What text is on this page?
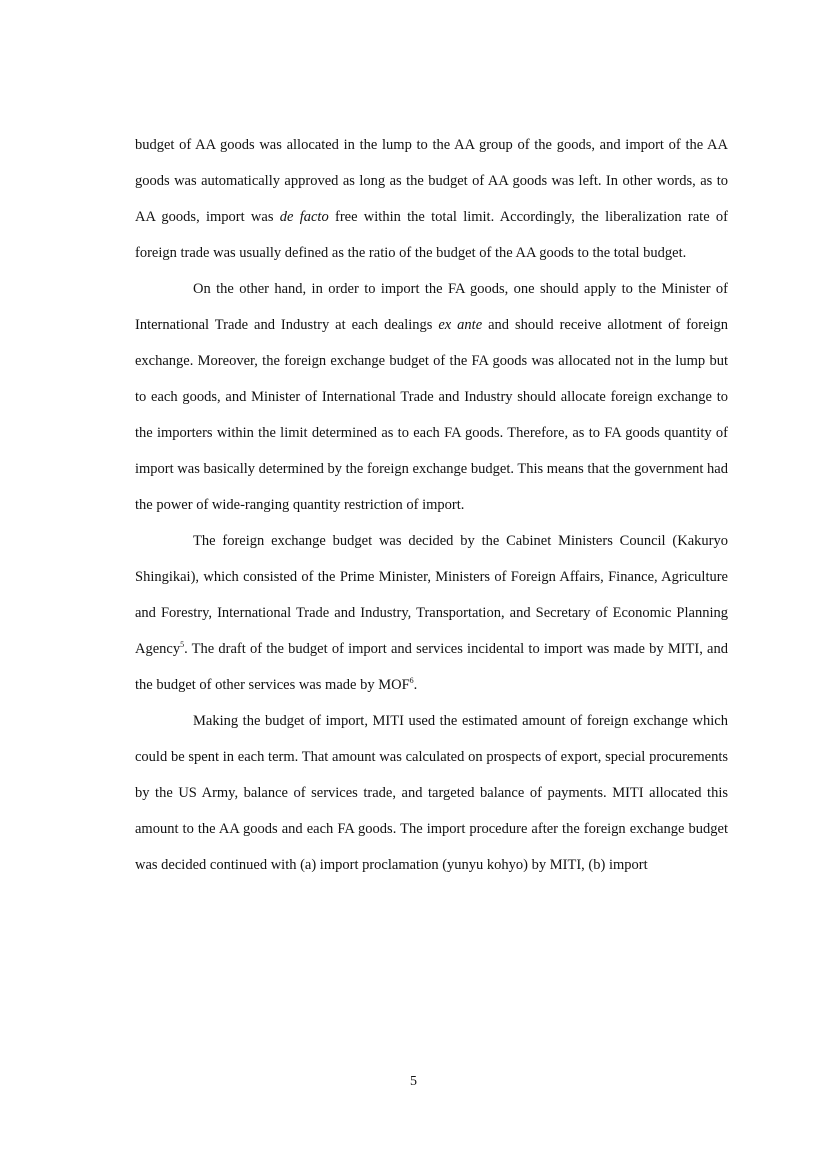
budget of AA goods was allocated in the lump to the AA group of the goods, and import of the AA goods was automatically approved as long as the budget of AA goods was left. In other words, as to AA goods, import was de facto free within the total limit. Accordingly, the liberalization rate of foreign trade was usually defined as the ratio of the budget of the AA goods to the total budget.

On the other hand, in order to import the FA goods, one should apply to the Minister of International Trade and Industry at each dealings ex ante and should receive allotment of foreign exchange. Moreover, the foreign exchange budget of the FA goods was allocated not in the lump but to each goods, and Minister of International Trade and Industry should allocate foreign exchange to the importers within the limit determined as to each FA goods. Therefore, as to FA goods quantity of import was basically determined by the foreign exchange budget. This means that the government had the power of wide-ranging quantity restriction of import.

The foreign exchange budget was decided by the Cabinet Ministers Council (Kakuryo Shingikai), which consisted of the Prime Minister, Ministers of Foreign Affairs, Finance, Agriculture and Forestry, International Trade and Industry, Transportation, and Secretary of Economic Planning Agency$^5$. The draft of the budget of import and services incidental to import was made by MITI, and the budget of other services was made by MOF$^6$.

Making the budget of import, MITI used the estimated amount of foreign exchange which could be spent in each term. That amount was calculated on prospects of export, special procurements by the US Army, balance of services trade, and targeted balance of payments. MITI allocated this amount to the AA goods and each FA goods. The import procedure after the foreign exchange budget was decided continued with (a) import proclamation (yunyu kohyo) by MITI, (b) import

5
